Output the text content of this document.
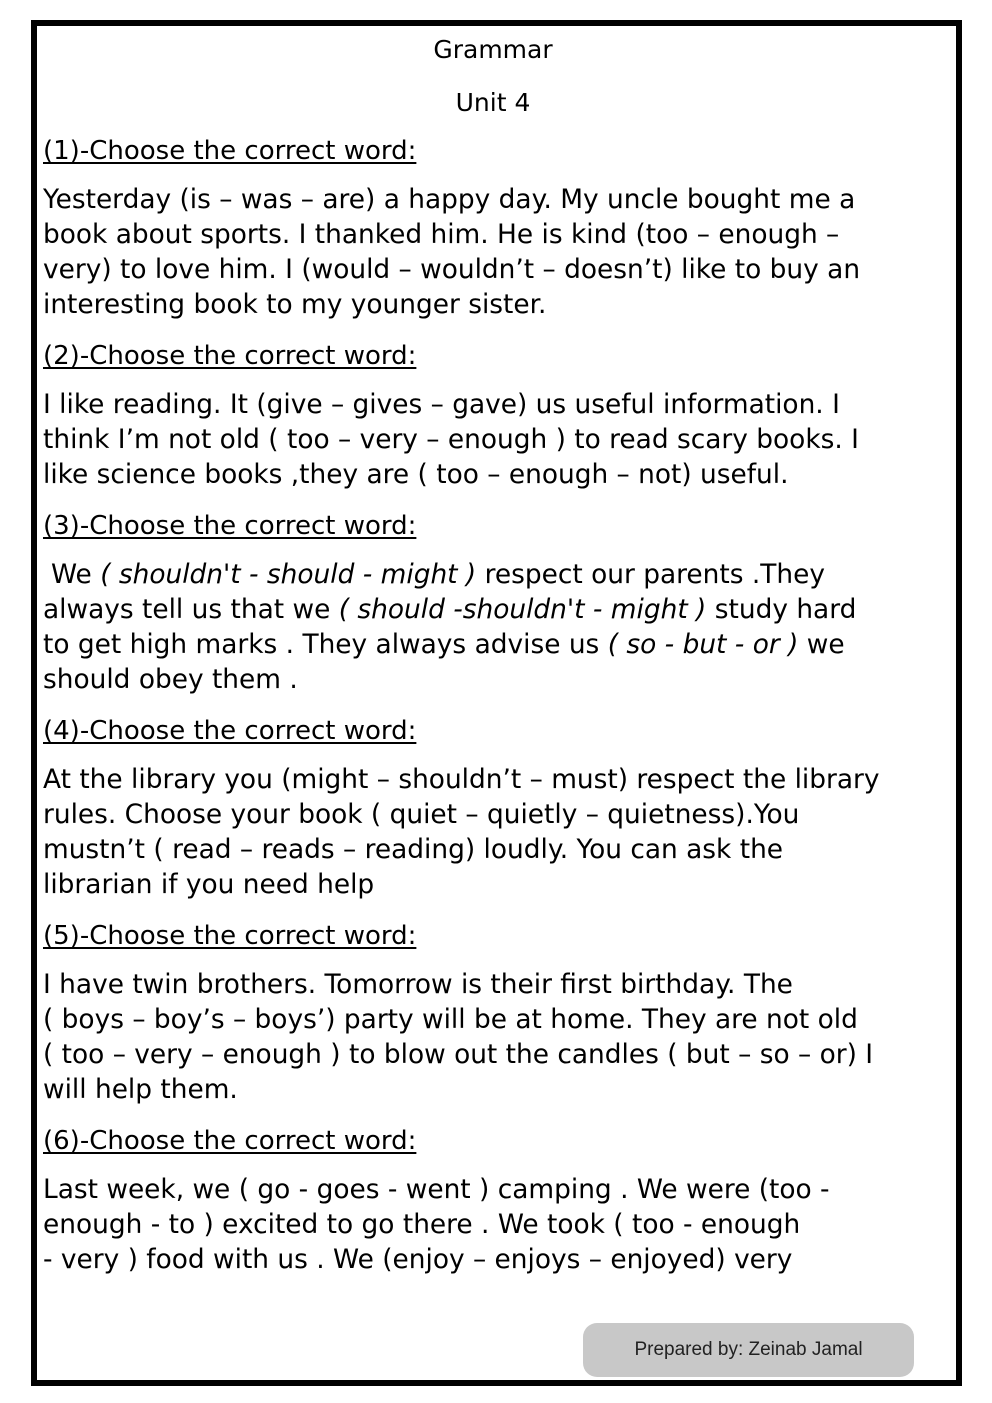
Grammar
Unit 4
(1)-Choose the correct word:
Yesterday (is – was – are) a happy day. My uncle bought me a
book about sports. I thanked him. He is kind (too – enough –
very) to love him. I (would – wouldn’t – doesn’t) like to buy an
interesting book to my younger sister.
(2)-Choose the correct word:
I like reading. It (give – gives – gave) us useful information. I
think I’m not old ( too – very – enough ) to read scary books. I
like science books ,they are ( too – enough – not) useful.
(3)-Choose the correct word:
We ( shouldn't - should - might ) respect our parents .They
always tell us that we ( should -shouldn't - might ) study hard
to get high marks . They always advise us ( so - but - or ) we
should obey them .
(4)-Choose the correct word:
At the library you (might – shouldn’t – must) respect the library
rules. Choose your book ( quiet – quietly – quietness).You
mustn’t ( read – reads – reading) loudly. You can ask the
librarian if you need help
(5)-Choose the correct word:
I have twin brothers. Tomorrow is their first birthday. The
( boys – boy’s – boys’) party will be at home. They are not old
( too – very – enough ) to blow out the candles ( but – so – or) I
will help them.
(6)-Choose the correct word:
Last week, we ( go - goes - went ) camping . We were (too -
enough - to ) excited to go there . We took ( too - enough
- very ) food with us . We (enjoy – enjoys – enjoyed) very
Prepared by: Zeinab Jamal
